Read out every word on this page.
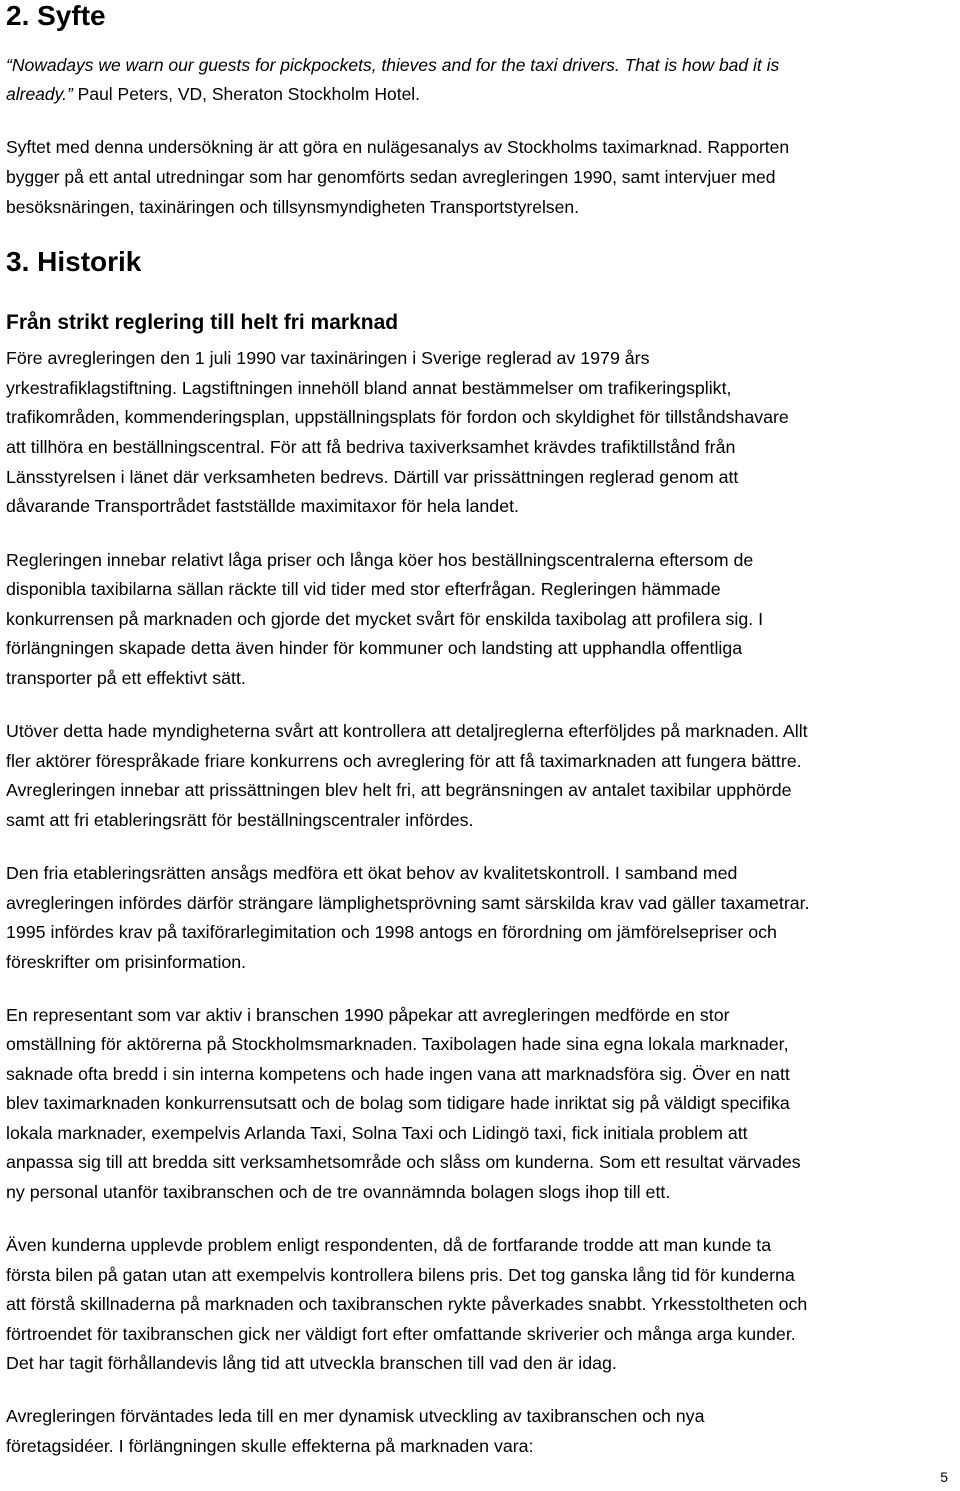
2. Syfte
“Nowadays we warn our guests for pickpockets, thieves and for the taxi drivers. That is how bad it is
already.” Paul Peters, VD, Sheraton Stockholm Hotel.
Syftet med denna undersökning är att göra en nulägesanalys av Stockholms taximarknad. Rapporten
bygger på ett antal utredningar som har genomförts sedan avregleringen 1990, samt intervjuer med
besöksnäringen, taxinäringen och tillsynsmyndigheten Transportstyrelsen.
3. Historik
Från strikt reglering till helt fri marknad
Före avregleringen den 1 juli 1990 var taxinäringen i Sverige reglerad av 1979 års
yrkestrafiklagstiftning. Lagstiftningen innehöll bland annat bestämmelser om trafikeringsplikt,
trafikområden, kommenderingsplan, uppställningsplats för fordon och skyldighet för tillståndshavare
att tillhöra en beställningscentral. För att få bedriva taxiverksamhet krävdes trafiktillstånd från
Länsstyrelsen i länet där verksamheten bedrevs. Därtill var prissättningen reglerad genom att
dåvarande Transportrådet fastställde maximitaxor för hela landet.
Regleringen innebar relativt låga priser och långa köer hos beställningscentralerna eftersom de
disponibla taxibilarna sällan räckte till vid tider med stor efterfrågan. Regleringen hämmade
konkurrensen på marknaden och gjorde det mycket svårt för enskilda taxibolag att profilera sig. I
förlängningen skapade detta även hinder för kommuner och landsting att upphandla offentliga
transporter på ett effektivt sätt.
Utöver detta hade myndigheterna svårt att kontrollera att detaljreglerna efterföljdes på marknaden. Allt
fler aktörer förespråkade friare konkurrens och avreglering för att få taximarknaden att fungera bättre.
Avregleringen innebar att prissättningen blev helt fri, att begränsningen av antalet taxibilar upphörde
samt att fri etableringsrätt för beställningscentraler infördes.
Den fria etableringsrätten ansågs medföra ett ökat behov av kvalitetskontroll. I samband med
avregleringen infördes därför strängare lämplighetsprövning samt särskilda krav vad gäller taxametrar.
1995 infördes krav på taxiförarlegimitation och 1998 antogs en förordning om jämförelsepriser och
föreskrifter om prisinformation.
En representant som var aktiv i branschen 1990 påpekar att avregleringen medförde en stor
omställning för aktörerna på Stockholmsmarknaden. Taxibolagen hade sina egna lokala marknader,
saknade ofta bredd i sin interna kompetens och hade ingen vana att marknadsföra sig. Över en natt
blev taximarknaden konkurrensutsatt och de bolag som tidigare hade inriktat sig på väldigt specifika
lokala marknader, exempelvis Arlanda Taxi, Solna Taxi och Lidingö taxi, fick initiala problem att
anpassa sig till att bredda sitt verksamhetsområde och slåss om kunderna. Som ett resultat värvades
ny personal utanför taxibranschen och de tre ovannämnda bolagen slogs ihop till ett.
Även kunderna upplevde problem enligt respondenten, då de fortfarande trodde att man kunde ta
första bilen på gatan utan att exempelvis kontrollera bilens pris. Det tog ganska lång tid för kunderna
att förstå skillnaderna på marknaden och taxibranschen rykte påverkades snabbt. Yrkesstoltheten och
förtroendet för taxibranschen gick ner väldigt fort efter omfattande skriverier och många arga kunder.
Det har tagit förhållandevis lång tid att utveckla branschen till vad den är idag.
Avregleringen förväntades leda till en mer dynamisk utveckling av taxibranschen och nya
företagsidéer. I förlängningen skulle effekterna på marknaden vara:
5
